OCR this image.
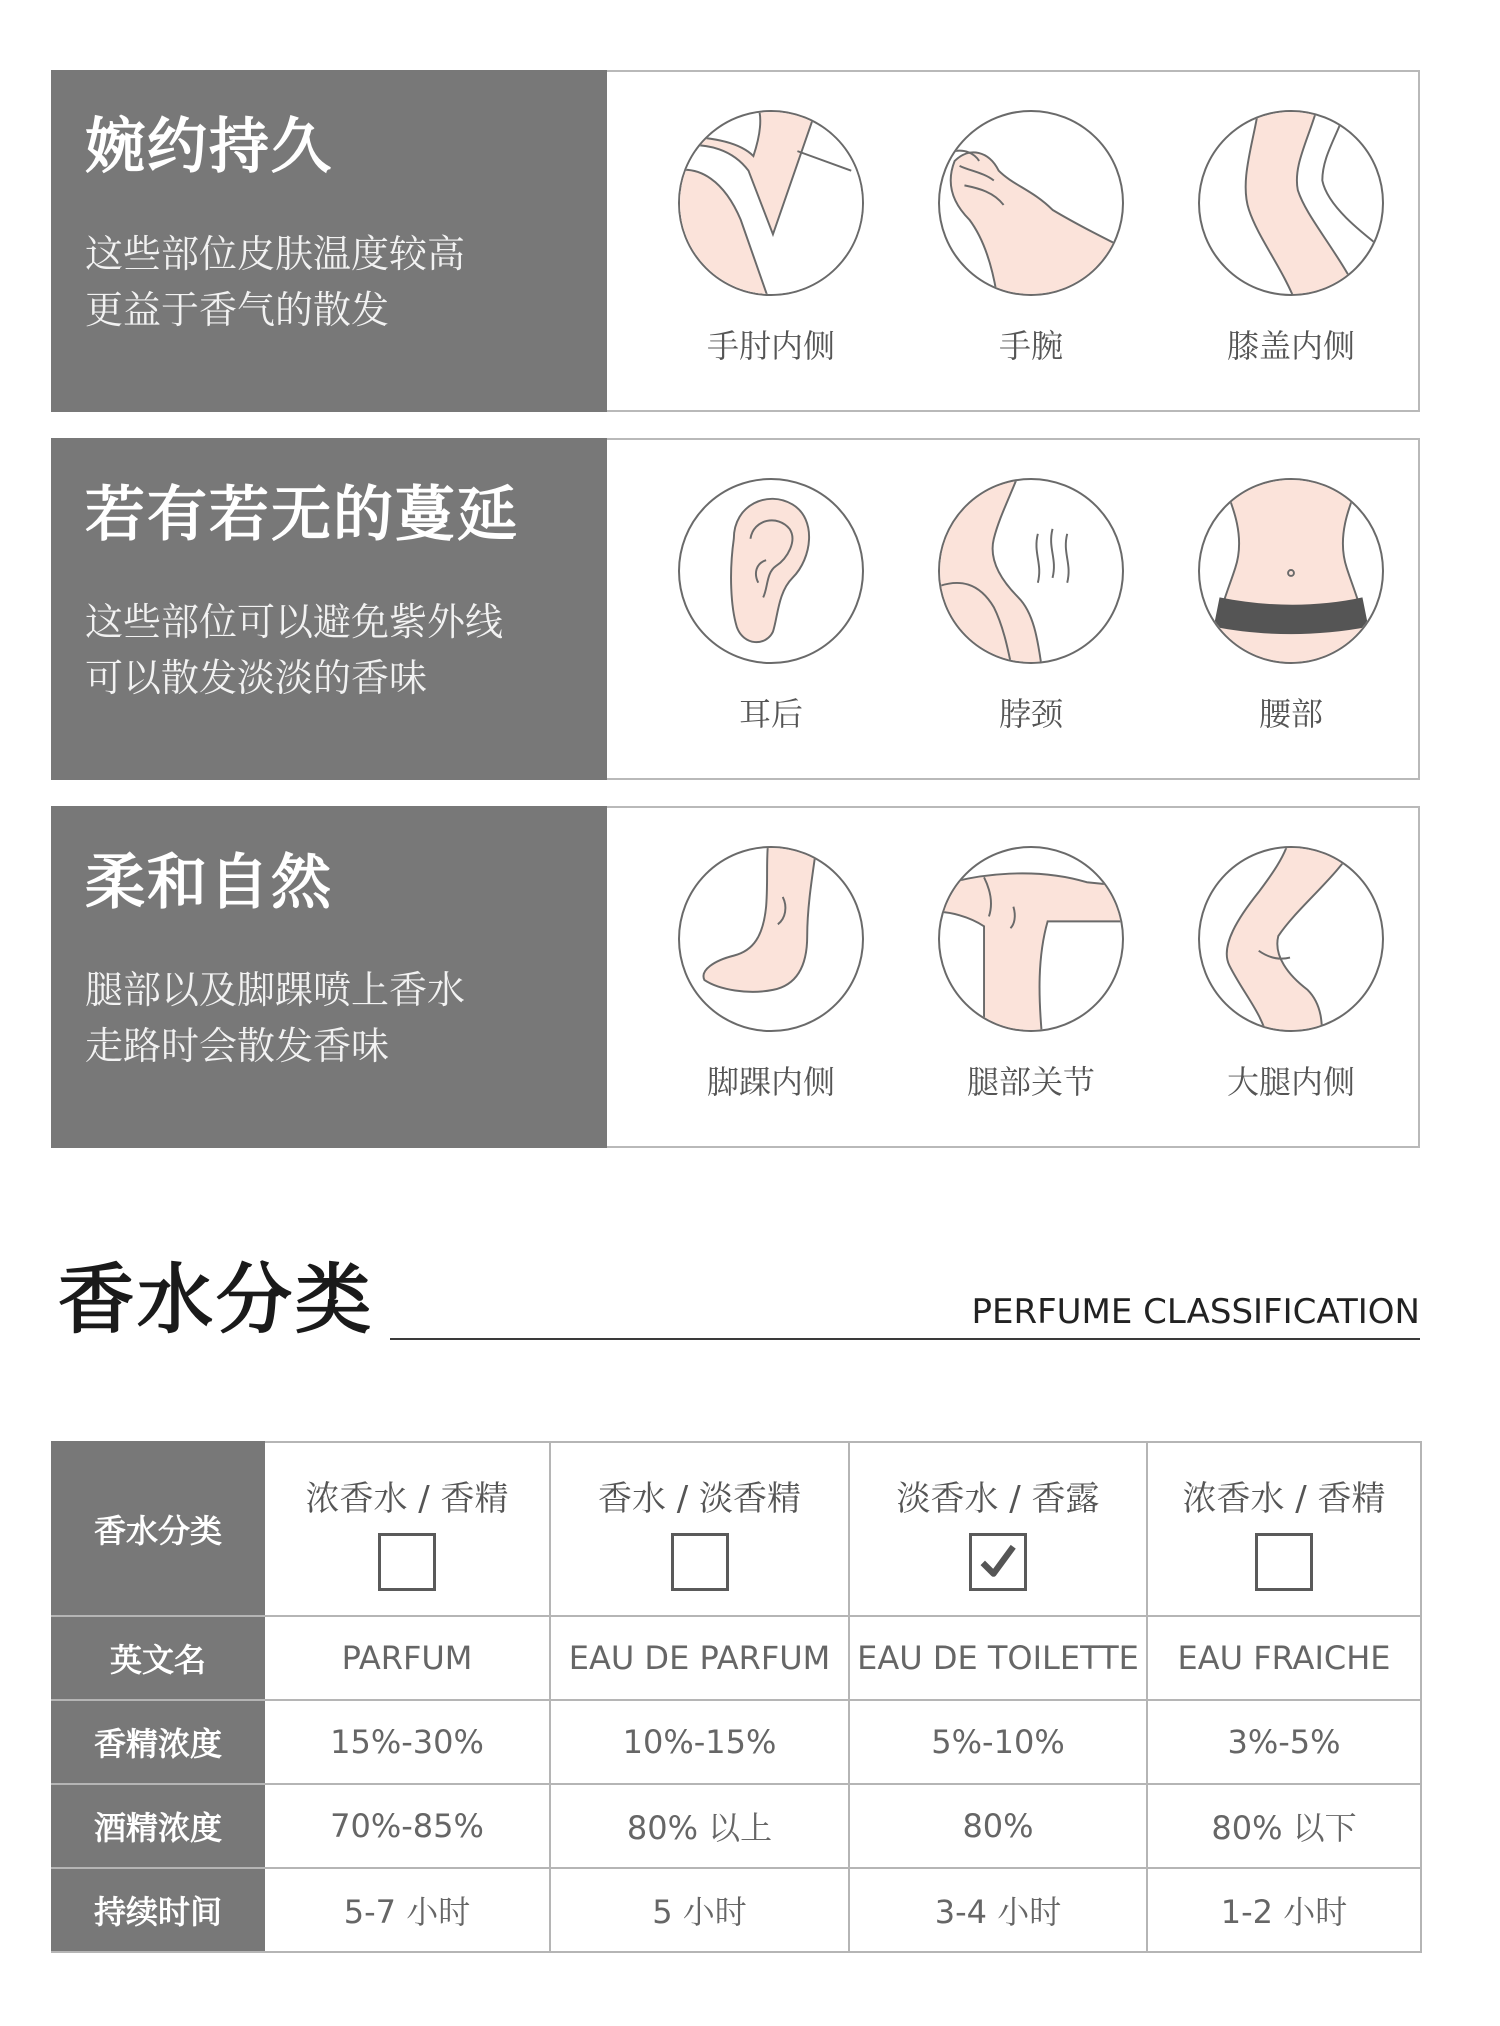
婉约持久
这些部位皮肤温度较高
更益于香气的散发
手肘内侧	手腕	膝盖内侧
若有若无的蔓延
这些部位可以避免紫外线
可以散发淡淡的香味
耳后	脖颈	腰部
柔和自然
腿部以及脚踝喷上香水
走路时会散发香味
脚踝内侧	腿部关节	大腿内侧
香水分类	PERFUME CLASSIFICATION
香水分类	浓香水 / 香精	香水 / 淡香精	淡香水 / 香露	浓香水 / 香精

英文名	PARFUM	EAU DE PARFUM	EAU DE TOILETTE	EAU FRAICHE
香精浓度	15%-30%	10%-15%	5%-10%	3%-5%
酒精浓度	70%-85%	80% 以上	80%	80% 以下
持续时间	5-7 小时	5 小时	3-4 小时	1-2 小时
